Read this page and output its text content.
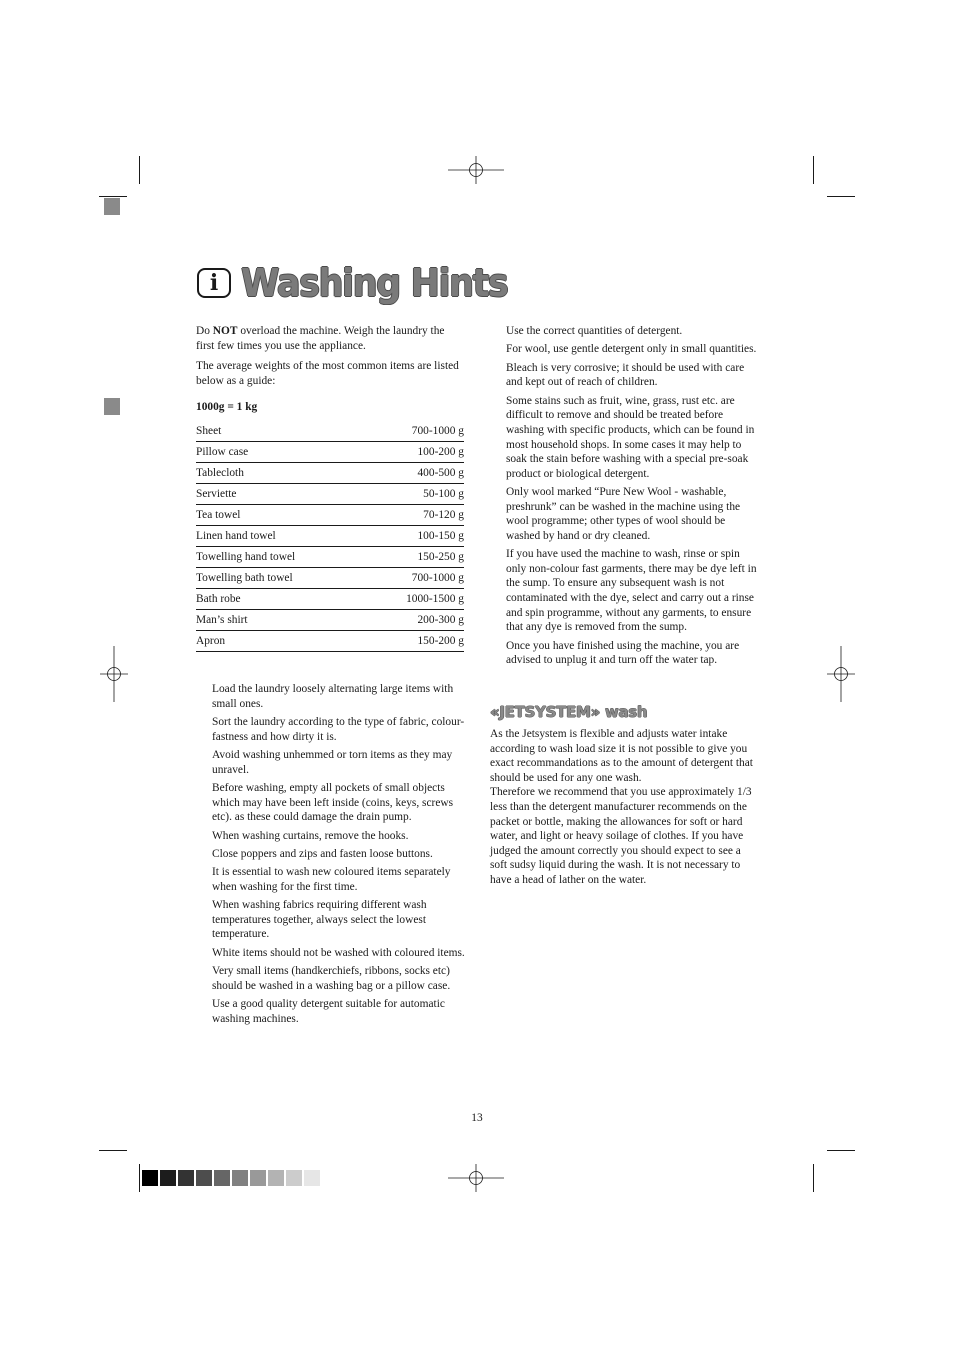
i Washing Hints

Do NOT overload the machine. Weigh the laundry the first few times you use the appliance.

The average weights of the most common items are listed below as a guide:

1000g = 1 kg
Sheet	700-1000 g
Pillow case	100-200 g
Tablecloth	400-500 g
Serviette	50-100 g
Tea towel	70-120 g
Linen hand towel	100-150 g
Towelling hand towel	150-250 g
Towelling bath towel	700-1000 g
Bath robe	1000-1500 g
Man’s shirt	200-300 g
Apron	150-200 g

Load the laundry loosely alternating large items with small ones.

Sort the laundry according to the type of fabric, colour-fastness and how dirty it is.

Avoid washing unhemmed or torn items as they may unravel.

Before washing, empty all pockets of small objects which may have been left inside (coins, keys, screws etc). as these could damage the drain pump.

When washing curtains, remove the hooks.

Close poppers and zips and fasten loose buttons.

It is essential to wash new coloured items separately when washing for the first time.

When washing fabrics requiring different wash temperatures together, always select the lowest temperature.

White items should not be washed with coloured items.

Very small items (handkerchiefs, ribbons, socks etc) should be washed in a washing bag or a pillow case.

Use a good quality detergent suitable for automatic washing machines.

Use the correct quantities of detergent.

For wool, use gentle detergent only in small quantities.

Bleach is very corrosive; it should be used with care and kept out of reach of children.

Some stains such as fruit, wine, grass, rust etc. are difficult to remove and should be treated before washing with specific products, which can be found in most household shops. In some cases it may help to soak the stain before washing with a special pre-soak product or biological detergent.

Only wool marked “Pure New Wool - washable, preshrunk” can be washed in the machine using the wool programme; other types of wool should be washed by hand or dry cleaned.

If you have used the machine to wash, rinse or spin only non-colour fast garments, there may be dye left in the sump. To ensure any subsequent wash is not contaminated with the dye, select and carry out a rinse and spin programme, without any garments, to ensure that any dye is removed from the sump.

Once you have finished using the machine, you are advised to unplug it and turn off the water tap.

«JETSYSTEM» wash

As the Jetsystem is flexible and adjusts water intake according to wash load size it is not possible to give you exact recommandations as to the amount of detergent that should be used for any one wash.
Therefore we recommend that you use approximately 1/3 less than the detergent manufacturer recommends on the packet or bottle, making the allowances for soft or hard water, and light or heavy soilage of clothes. If you have judged the amount correctly you should expect to see a soft sudsy liquid during the wash. It is not necessary to have a head of lather on the water.

13
